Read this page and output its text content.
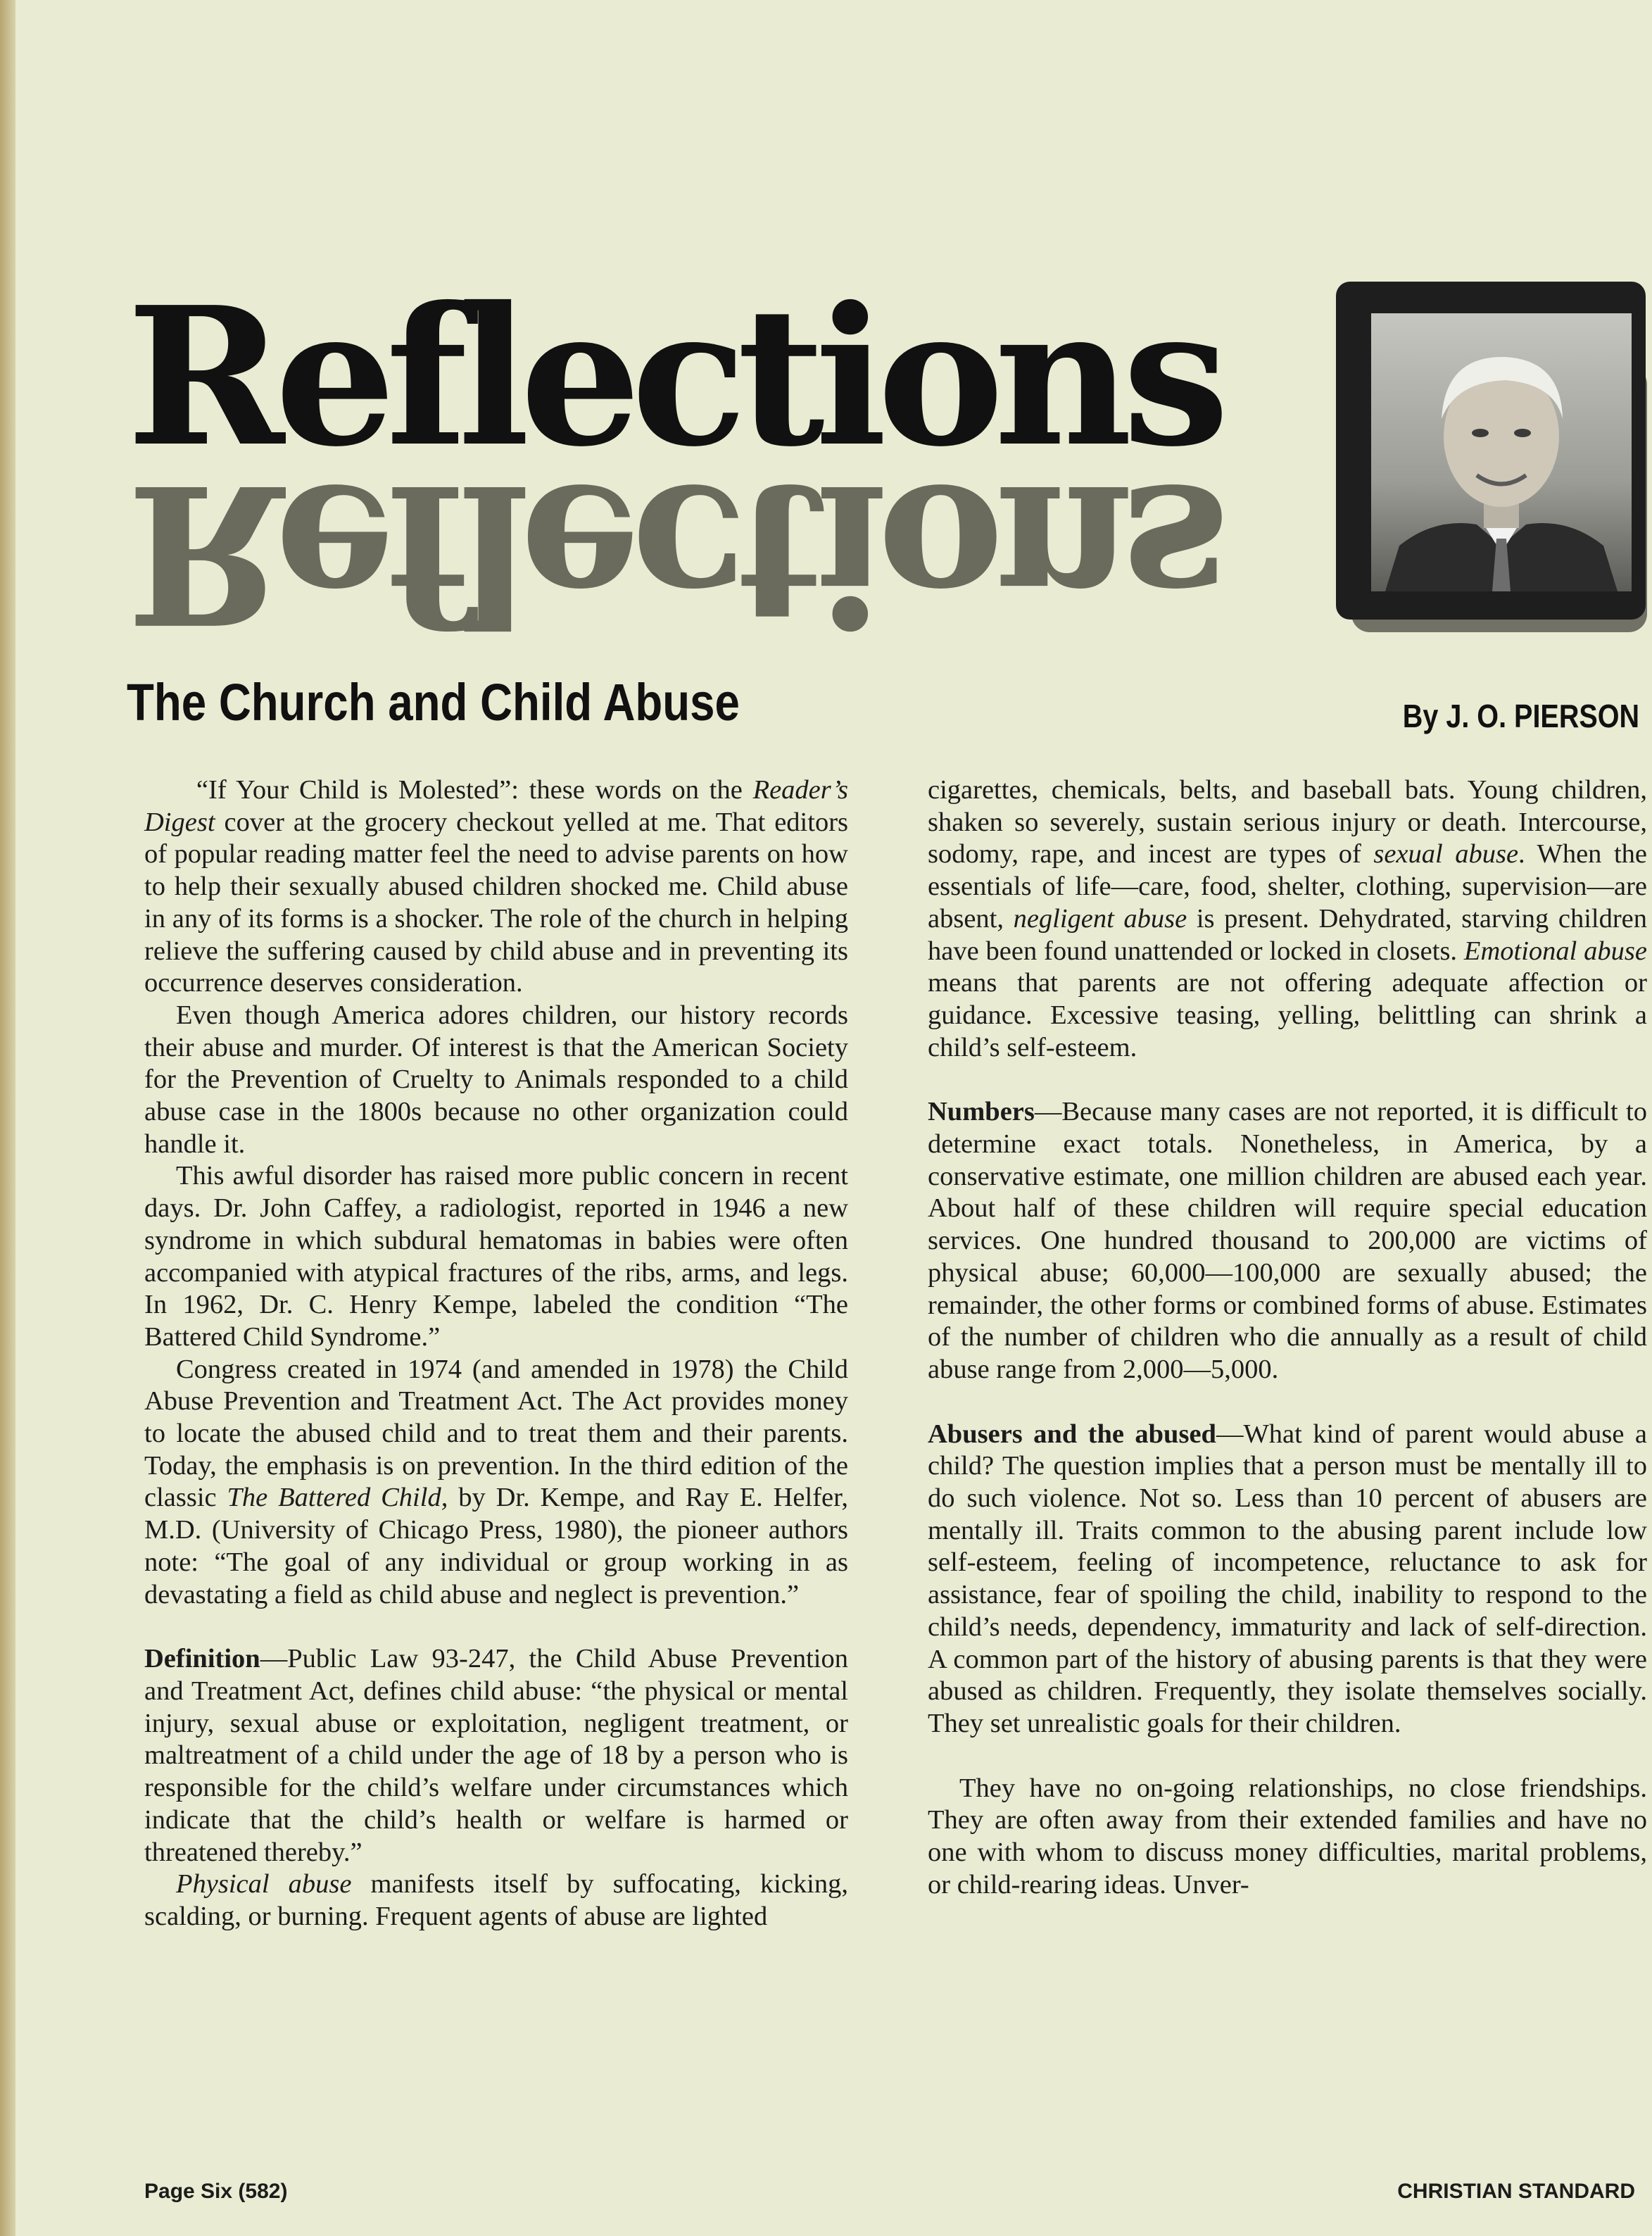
Reflections
Reflections
The Church and Child Abuse	By J. O. PIERSON

“If Your Child is Molested”: these words on the Reader’s Digest cover at the grocery checkout yelled at me. That editors of popular reading matter feel the need to advise parents on how to help their sexually abused children shocked me. Child abuse in any of its forms is a shocker. The role of the church in helping relieve the suffering caused by child abuse and in preventing its occurrence deserves consideration.

Even though America adores children, our history records their abuse and murder. Of interest is that the American Society for the Prevention of Cruelty to Animals responded to a child abuse case in the 1800s because no other organization could handle it.

This awful disorder has raised more public concern in recent days. Dr. John Caffey, a radiologist, reported in 1946 a new syndrome in which subdural hematomas in babies were often accompanied with atypical fractures of the ribs, arms, and legs. In 1962, Dr. C. Henry Kempe, labeled the condition “The Battered Child Syndrome.”

Congress created in 1974 (and amended in 1978) the Child Abuse Prevention and Treatment Act. The Act provides money to locate the abused child and to treat them and their parents. Today, the emphasis is on prevention. In the third edition of the classic The Battered Child, by Dr. Kempe, and Ray E. Helfer, M.D. (University of Chicago Press, 1980), the pioneer authors note: “The goal of any individual or group working in as devastating a field as child abuse and neglect is prevention.”

Definition—Public Law 93-247, the Child Abuse Prevention and Treatment Act, defines child abuse: “the physical or mental injury, sexual abuse or exploitation, negligent treatment, or maltreatment of a child under the age of 18 by a person who is responsible for the child’s welfare under circumstances which indicate that the child’s health or welfare is harmed or threatened thereby.”

Physical abuse manifests itself by suffocating, kicking, scalding, or burning. Frequent agents of abuse are lighted

cigarettes, chemicals, belts, and baseball bats. Young children, shaken so severely, sustain serious injury or death. Intercourse, sodomy, rape, and incest are types of sexual abuse. When the essentials of life—care, food, shelter, clothing, supervision—are absent, negligent abuse is present. Dehydrated, starving children have been found unattended or locked in closets. Emotional abuse means that parents are not offering adequate affection or guidance. Excessive teasing, yelling, belittling can shrink a child’s self-esteem.

Numbers—Because many cases are not reported, it is difficult to determine exact totals. Nonetheless, in America, by a conservative estimate, one million children are abused each year. About half of these children will require special education services. One hundred thousand to 200,000 are victims of physical abuse; 60,000—100,000 are sexually abused; the remainder, the other forms or combined forms of abuse. Estimates of the number of children who die annually as a result of child abuse range from 2,000—5,000.

Abusers and the abused—What kind of parent would abuse a child? The question implies that a person must be mentally ill to do such violence. Not so. Less than 10 percent of abusers are mentally ill. Traits common to the abusing parent include low self-esteem, feeling of incompetence, reluctance to ask for assistance, fear of spoiling the child, inability to respond to the child’s needs, dependency, immaturity and lack of self-direction. A common part of the history of abusing parents is that they were abused as children. Frequently, they isolate themselves socially. They set unrealistic goals for their children.

They have no on-going relationships, no close friendships. They are often away from their extended families and have no one with whom to discuss money difficulties, marital problems, or child-rearing ideas. Unver-

Page Six (582)	CHRISTIAN STANDARD
